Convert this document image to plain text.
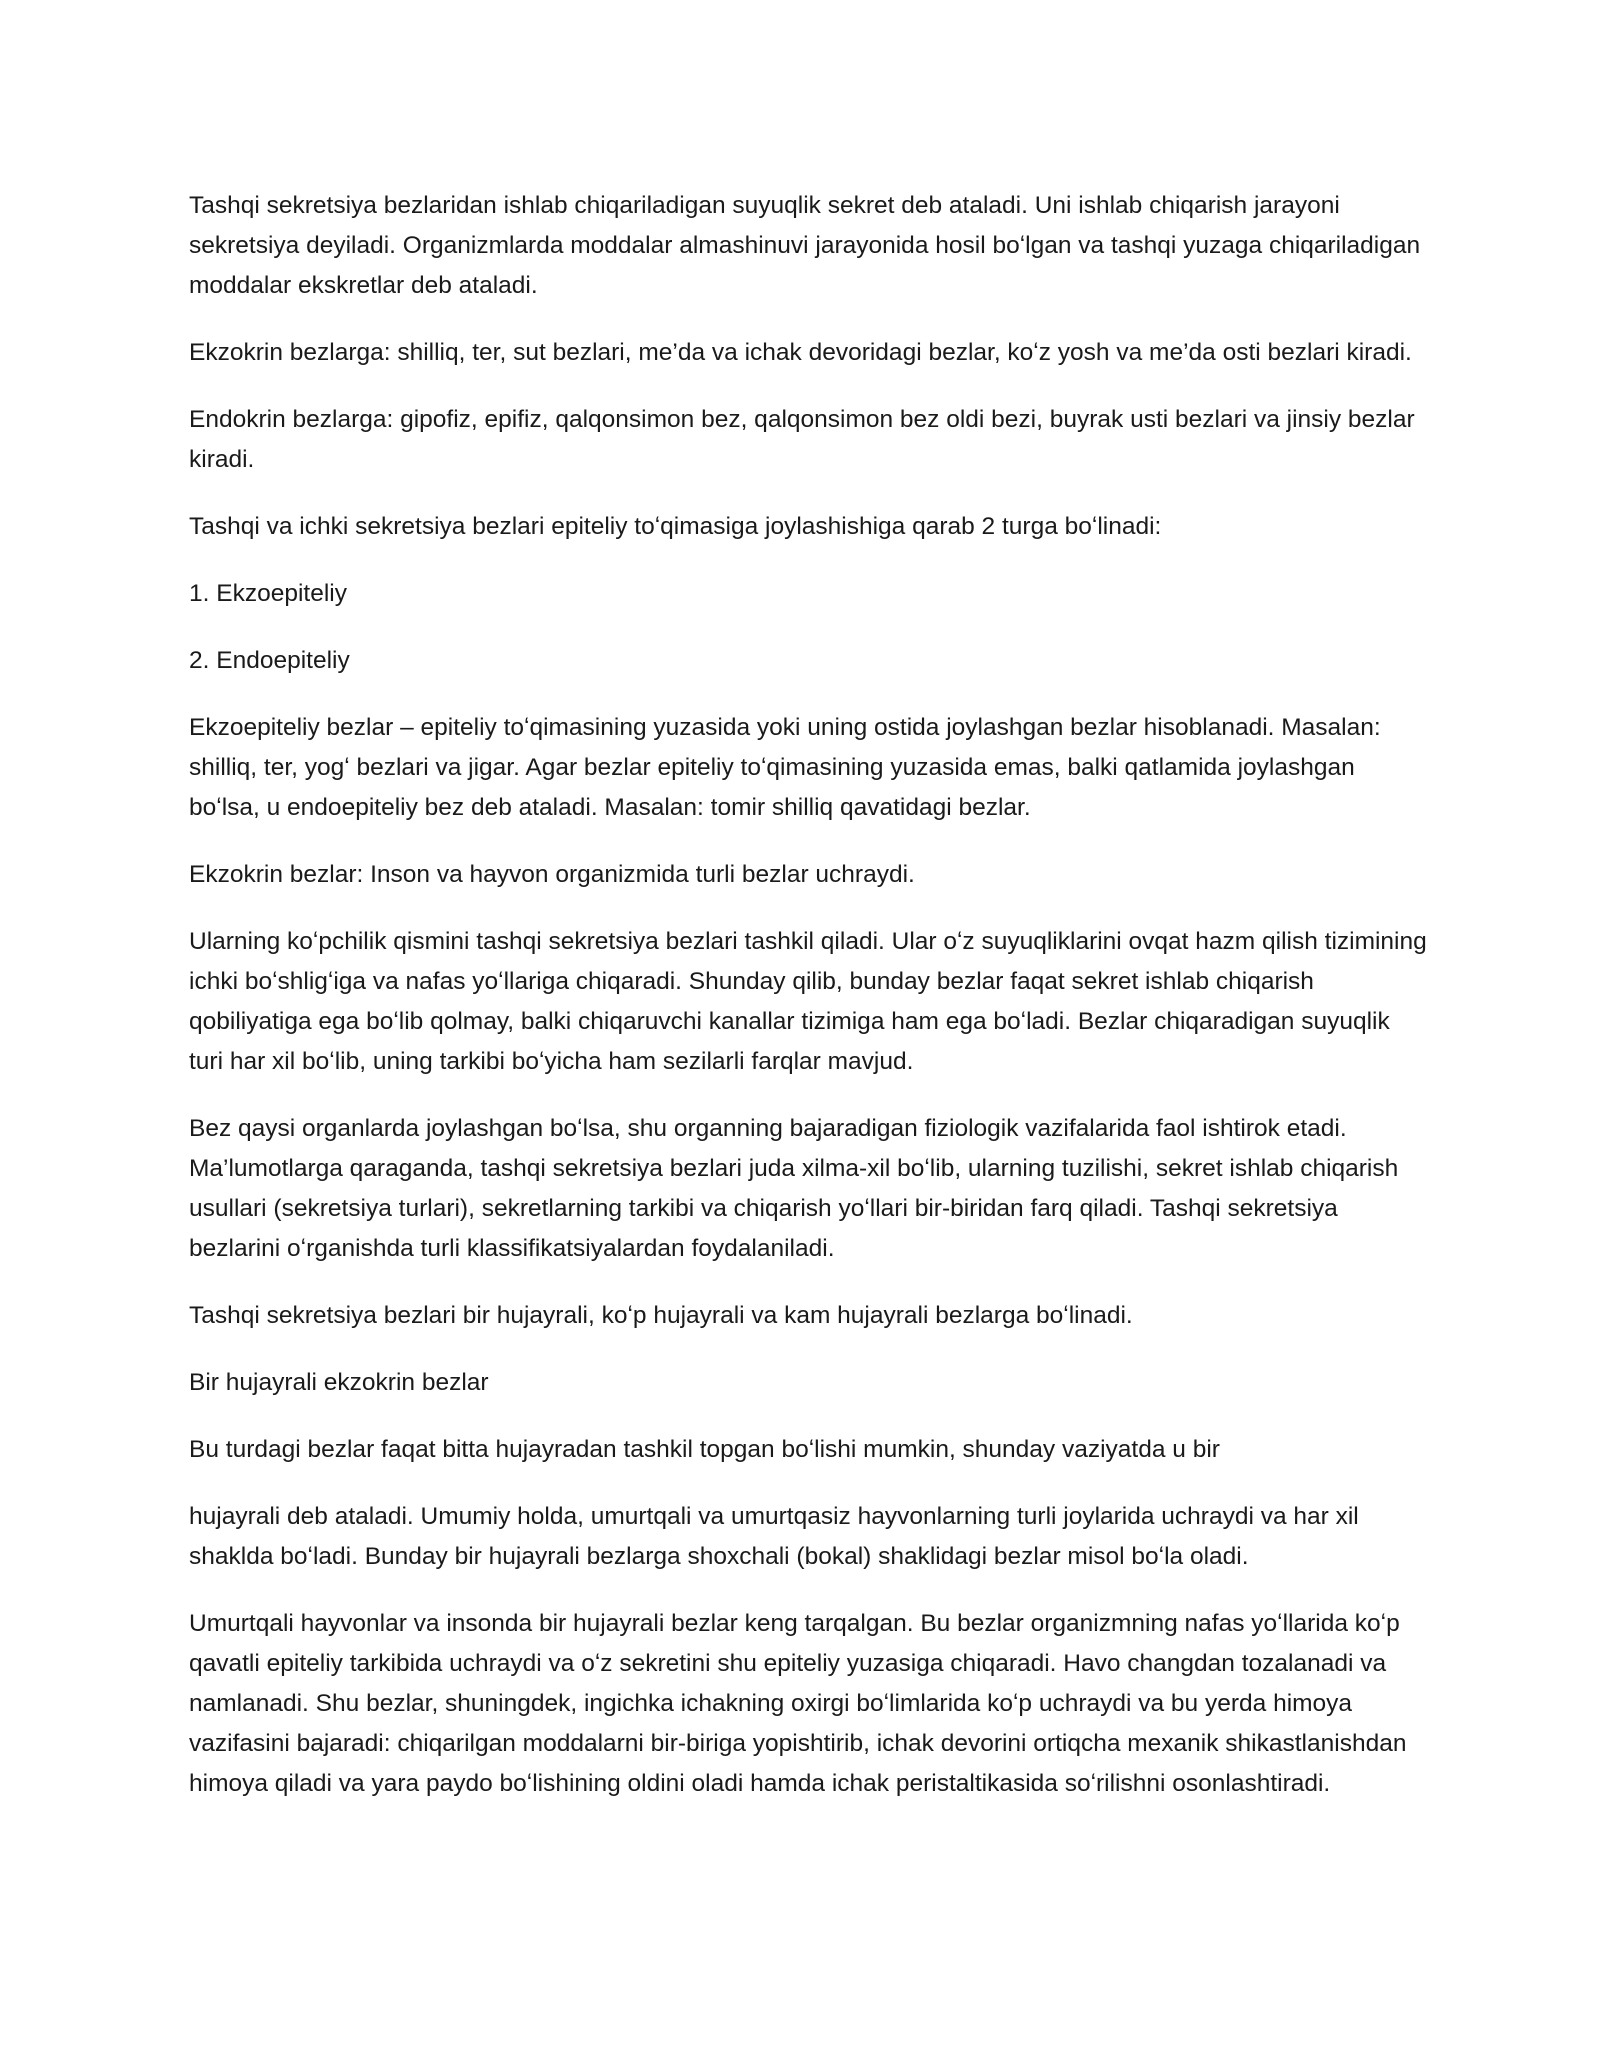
Tashqi sekretsiya bezlaridan ishlab chiqariladigan suyuqlik sekret deb ataladi. Uni ishlab chiqarish jarayoni sekretsiya deyiladi. Organizmlarda moddalar almashinuvi jarayonida hosil boʻlgan va tashqi yuzaga chiqariladigan moddalar ekskretlar deb ataladi.

Ekzokrin bezlarga: shilliq, ter, sut bezlari, me’da va ichak devoridagi bezlar, koʻz yosh va me’da osti bezlari kiradi.

Endokrin bezlarga: gipofiz, epifiz, qalqonsimon bez, qalqonsimon bez oldi bezi, buyrak usti bezlari va jinsiy bezlar kiradi.

Tashqi va ichki sekretsiya bezlari epiteliy toʻqimasiga joylashishiga qarab 2 turga boʻlinadi:

1. Ekzoepiteliy

2. Endoepiteliy

Ekzoepiteliy bezlar – epiteliy toʻqimasining yuzasida yoki uning ostida joylashgan bezlar hisoblanadi. Masalan: shilliq, ter, yogʻ bezlari va jigar. Agar bezlar epiteliy toʻqimasining yuzasida emas, balki qatlamida joylashgan boʻlsa, u endoepiteliy bez deb ataladi. Masalan: tomir shilliq qavatidagi bezlar.

Ekzokrin bezlar: Inson va hayvon organizmida turli bezlar uchraydi.

Ularning koʻpchilik qismini tashqi sekretsiya bezlari tashkil qiladi. Ular oʻz suyuqliklarini ovqat hazm qilish tizimining ichki boʻshligʻiga va nafas yoʻllariga chiqaradi. Shunday qilib, bunday bezlar faqat sekret ishlab chiqarish qobiliyatiga ega boʻlib qolmay, balki chiqaruvchi kanallar tizimiga ham ega boʻladi. Bezlar chiqaradigan suyuqlik turi har xil boʻlib, uning tarkibi boʻyicha ham sezilarli farqlar mavjud.

Bez qaysi organlarda joylashgan boʻlsa, shu organning bajaradigan fiziologik vazifalarida faol ishtirok etadi. Ma’lumotlarga qaraganda, tashqi sekretsiya bezlari juda xilma-xil boʻlib, ularning tuzilishi, sekret ishlab chiqarish usullari (sekretsiya turlari), sekretlarning tarkibi va chiqarish yoʻllari bir-biridan farq qiladi. Tashqi sekretsiya bezlarini oʻrganishda turli klassifikatsiyalardan foydalaniladi.

Tashqi sekretsiya bezlari bir hujayrali, koʻp hujayrali va kam hujayrali bezlarga boʻlinadi.

Bir hujayrali ekzokrin bezlar

Bu turdagi bezlar faqat bitta hujayradan tashkil topgan boʻlishi mumkin, shunday vaziyatda u bir

hujayrali deb ataladi. Umumiy holda, umurtqali va umurtqasiz hayvonlarning turli joylarida uchraydi va har xil shaklda boʻladi. Bunday bir hujayrali bezlarga shoxchali (bokal) shaklidagi bezlar misol boʻla oladi.

Umurtqali hayvonlar va insonda bir hujayrali bezlar keng tarqalgan. Bu bezlar organizmning nafas yoʻllarida koʻp qavatli epiteliy tarkibida uchraydi va oʻz sekretini shu epiteliy yuzasiga chiqaradi. Havo changdan tozalanadi va namlanadi. Shu bezlar, shuningdek, ingichka ichakning oxirgi boʻlimlarida koʻp uchraydi va bu yerda himoya vazifasini bajaradi: chiqarilgan moddalarni bir-biriga yopishtirib, ichak devorini ortiqcha mexanik shikastlanishdan himoya qiladi va yara paydo boʻlishining oldini oladi hamda ichak peristaltikasida soʻrilishni osonlashtiradi.
